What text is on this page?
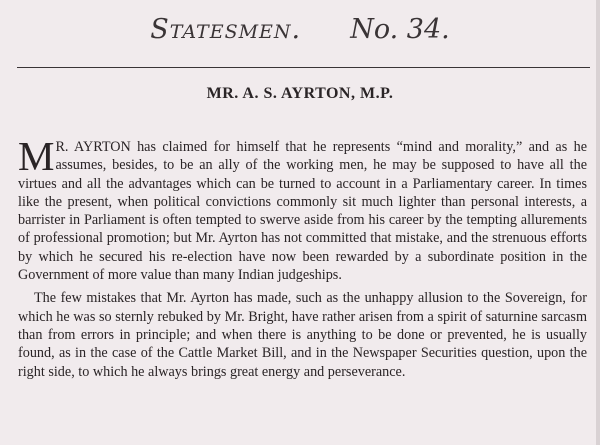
Statesmen. No. 34.
MR. A. S. AYRTON, M.P.

M R. AYRTON has claimed for himself that he represents “mind and morality,” and as he assumes, besides, to be an ally of the working men, he may be supposed to have all the virtues and all the advantages which can be turned to account in a Parliamentary career. In times like the present, when political convictions commonly sit much lighter than personal interests, a barrister in Parliament is often tempted to swerve aside from his career by the tempting allurements of professional promotion; but Mr. Ayrton has not committed that mistake, and the strenuous efforts by which he secured his re-election have now been rewarded by a subordinate position in the Government of more value than many Indian judgeships.

The few mistakes that Mr. Ayrton has made, such as the unhappy allusion to the Sovereign, for which he was so sternly rebuked by Mr. Bright, have rather arisen from a spirit of saturnine sarcasm than from errors in principle; and when there is anything to be done or prevented, he is usually found, as in the case of the Cattle Market Bill, and in the Newspaper Securities question, upon the right side, to which he always brings great energy and perseverance.
